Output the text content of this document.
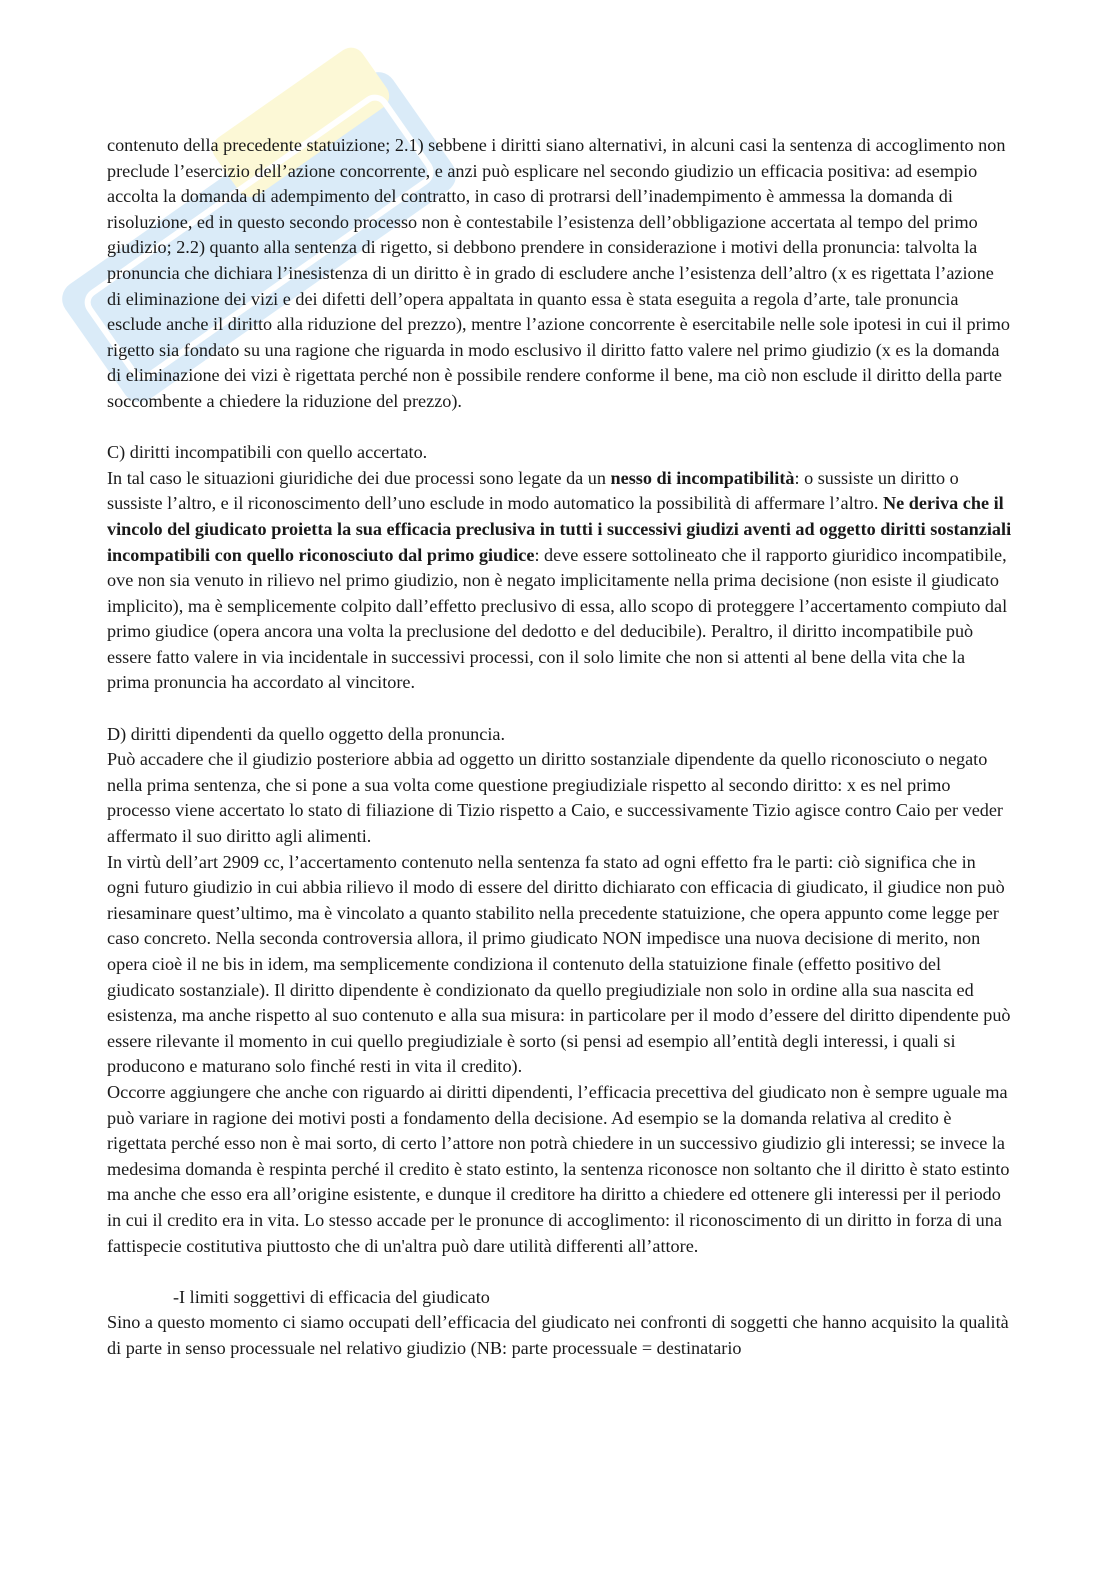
contenuto della precedente statuizione; 2.1) sebbene i diritti siano alternativi, in alcuni casi la sentenza di accoglimento non preclude l’esercizio dell’azione concorrente, e anzi può esplicare nel secondo giudizio un efficacia positiva: ad esempio accolta la domanda di adempimento del contratto, in caso di protrarsi dell’inadempimento è ammessa la domanda di risoluzione, ed in questo secondo processo non è contestabile l’esistenza dell’obbligazione accertata al tempo del primo giudizio; 2.2) quanto alla sentenza di rigetto, si debbono prendere in considerazione i motivi della pronuncia: talvolta la pronuncia che dichiara l’inesistenza di un diritto è in grado di escludere anche l’esistenza dell’altro (x es rigettata l’azione di eliminazione dei vizi e dei difetti dell’opera appaltata in quanto essa è stata eseguita a regola d’arte, tale pronuncia esclude anche il diritto alla riduzione del prezzo), mentre l’azione concorrente è esercitabile nelle sole ipotesi in cui il primo rigetto sia fondato su una ragione che riguarda in modo esclusivo il diritto fatto valere nel primo giudizio (x es la domanda di eliminazione dei vizi è rigettata perché non è possibile rendere conforme il bene, ma ciò non esclude il diritto della parte soccombente a chiedere la riduzione del prezzo).

C) diritti incompatibili con quello accertato.

In tal caso le situazioni giuridiche dei due processi sono legate da un nesso di incompatibilità: o sussiste un diritto o sussiste l’altro, e il riconoscimento dell’uno esclude in modo automatico la possibilità di affermare l’altro. Ne deriva che il vincolo del giudicato proietta la sua efficacia preclusiva in tutti i successivi giudizi aventi ad oggetto diritti sostanziali incompatibili con quello riconosciuto dal primo giudice: deve essere sottolineato che il rapporto giuridico incompatibile, ove non sia venuto in rilievo nel primo giudizio, non è negato implicitamente nella prima decisione (non esiste il giudicato implicito), ma è semplicemente colpito dall’effetto preclusivo di essa, allo scopo di proteggere l’accertamento compiuto dal primo giudice (opera ancora una volta la preclusione del dedotto e del deducibile). Peraltro, il diritto incompatibile può essere fatto valere in via incidentale in successivi processi, con il solo limite che non si attenti al bene della vita che la prima pronuncia ha accordato al vincitore.

D) diritti dipendenti da quello oggetto della pronuncia.

Può accadere che il giudizio posteriore abbia ad oggetto un diritto sostanziale dipendente da quello riconosciuto o negato nella prima sentenza, che si pone a sua volta come questione pregiudiziale rispetto al secondo diritto: x es nel primo processo viene accertato lo stato di filiazione di Tizio rispetto a Caio, e successivamente Tizio agisce contro Caio per veder affermato il suo diritto agli alimenti.

In virtù dell’art 2909 cc, l’accertamento contenuto nella sentenza fa stato ad ogni effetto fra le parti: ciò significa che in ogni futuro giudizio in cui abbia rilievo il modo di essere del diritto dichiarato con efficacia di giudicato, il giudice non può riesaminare quest’ultimo, ma è vincolato a quanto stabilito nella precedente statuizione, che opera appunto come legge per caso concreto. Nella seconda controversia allora, il primo giudicato NON impedisce una nuova decisione di merito, non opera cioè il ne bis in idem, ma semplicemente condiziona il contenuto della statuizione finale (effetto positivo del giudicato sostanziale). Il diritto dipendente è condizionato da quello pregiudiziale non solo in ordine alla sua nascita ed esistenza, ma anche rispetto al suo contenuto e alla sua misura: in particolare per il modo d’essere del diritto dipendente può essere rilevante il momento in cui quello pregiudiziale è sorto (si pensi ad esempio all’entità degli interessi, i quali si producono e maturano solo finché resti in vita il credito).

Occorre aggiungere che anche con riguardo ai diritti dipendenti, l’efficacia precettiva del giudicato non è sempre uguale ma può variare in ragione dei motivi posti a fondamento della decisione. Ad esempio se la domanda relativa al credito è rigettata perché esso non è mai sorto, di certo l’attore non potrà chiedere in un successivo giudizio gli interessi; se invece la medesima domanda è respinta perché il credito è stato estinto, la sentenza riconosce non soltanto che il diritto è stato estinto ma anche che esso era all’origine esistente, e dunque il creditore ha diritto a chiedere ed ottenere gli interessi per il periodo in cui il credito era in vita. Lo stesso accade per le pronunce di accoglimento: il riconoscimento di un diritto in forza di una fattispecie costitutiva piuttosto che di un'altra può dare utilità differenti all’attore.

-I limiti soggettivi di efficacia del giudicato

Sino a questo momento ci siamo occupati dell’efficacia del giudicato nei confronti di soggetti che hanno acquisito la qualità di parte in senso processuale nel relativo giudizio (NB: parte processuale = destinatario
